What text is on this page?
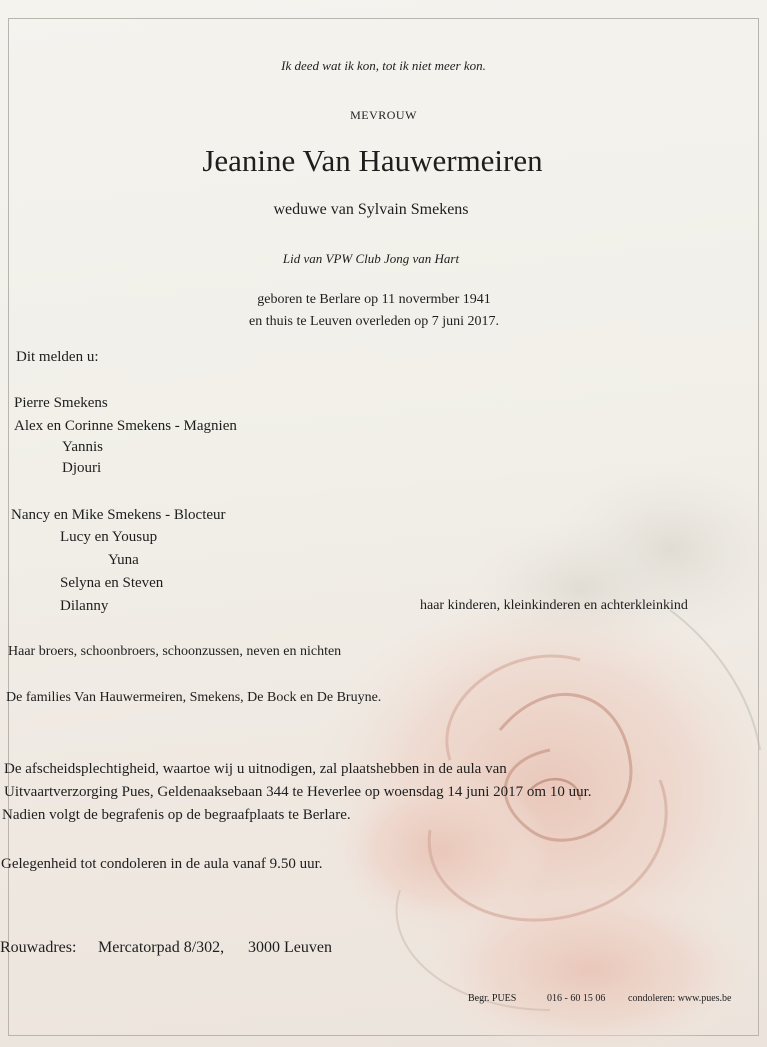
Ik deed wat ik kon, tot ik niet meer kon.
MEVROUW
Jeanine Van Hauwermeiren
weduwe van Sylvain Smekens
Lid van VPW Club Jong van Hart
geboren te Berlare op 11 novermber 1941
en thuis te Leuven overleden op 7 juni 2017.
Dit melden u:
Pierre Smekens
Alex en Corinne Smekens - Magnien
Yannis
Djouri
Nancy en Mike Smekens - Blocteur
Lucy en Yousup
Yuna
Selyna en Steven
Dilanny	haar kinderen, kleinkinderen en achterkleinkind
Haar broers, schoonbroers, schoonzussen, neven en nichten
De families Van Hauwermeiren, Smekens, De Bock en De Bruyne.
De afscheidsplechtigheid, waartoe wij u uitnodigen, zal plaatshebben in de aula van
Uitvaartverzorging Pues, Geldenaaksebaan 344 te Heverlee op woensdag 14 juni 2017 om 10 uur.
Nadien volgt de begrafenis op de begraafplaats te Berlare.
Gelegenheid tot condoleren in de aula vanaf 9.50 uur.
Rouwadres: Mercatorpad 8/302, 3000 Leuven
Begr. PUES	016 - 60 15 06 condoleren: www.pues.be
